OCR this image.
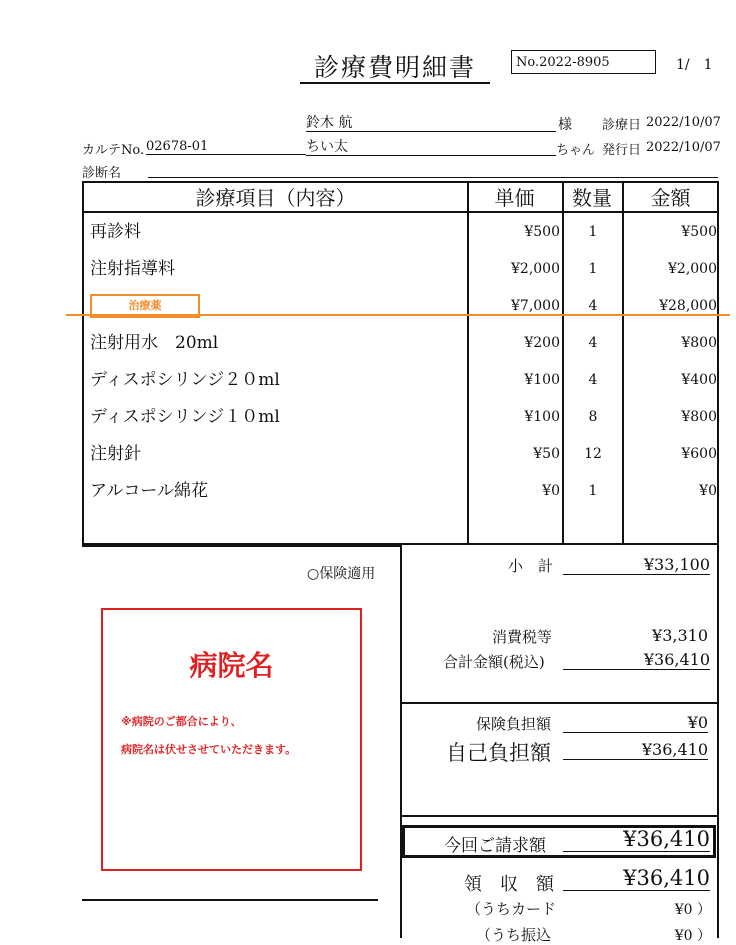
診療費明細書	No.2022-8905	1/　1
鈴木 航	様 診療日 2022/10/07
カルテNo. 02678-01	ちい太	ちゃん 発行日 2022/10/07
診断名
診療項目（内容）	単価	数量	金額
再診料	¥500	1	¥500
注射指導料	¥2,000	1	¥2,000
治療薬	¥7,000	4	¥28,000
注射用水　20ml	¥200	4	¥800
ディスポシリンジ２０ml	¥100	4	¥400
ディスポシリンジ１０ml	¥100	8	¥800
注射針	¥50	12	¥600
アルコール綿花	¥0	1	¥0
○保険適用	小　計	¥33,100
消費税等	¥3,310
合計金額(税込)	¥36,410
保険負担額	¥0
自己負担額	¥36,410
今回ご請求額	¥36,410
領　収　額	¥36,410
（うちカード	¥0 ）
（うち振込	¥0 ）
病院名
※病院のご都合により、
病院名は伏せさせていただきます。
